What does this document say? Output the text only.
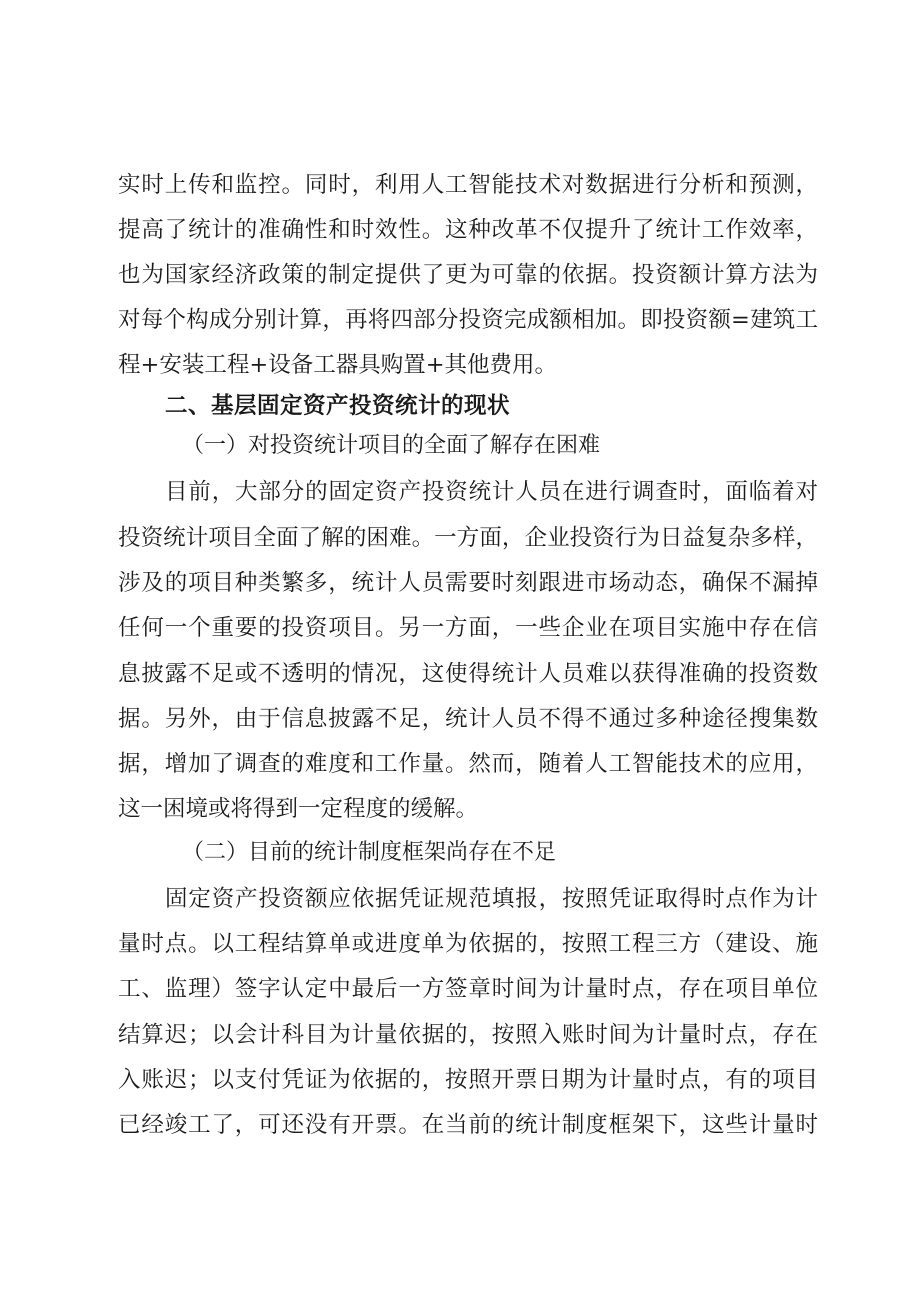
实时上传和监控。同时，利用人工智能技术对数据进行分析和预测，
提高了统计的准确性和时效性。这种改革不仅提升了统计工作效率，
也为国家经济政策的制定提供了更为可靠的依据。投资额计算方法为
对每个构成分别计算，再将四部分投资完成额相加。即投资额=建筑工
程+安装工程+设备工器具购置+其他费用。
二、基层固定资产投资统计的现状
（一）对投资统计项目的全面了解存在困难
目前，大部分的固定资产投资统计人员在进行调查时，面临着对
投资统计项目全面了解的困难。一方面，企业投资行为日益复杂多样，
涉及的项目种类繁多，统计人员需要时刻跟进市场动态，确保不漏掉
任何一个重要的投资项目。另一方面，一些企业在项目实施中存在信
息披露不足或不透明的情况，这使得统计人员难以获得准确的投资数
据。另外，由于信息披露不足，统计人员不得不通过多种途径搜集数
据，增加了调查的难度和工作量。然而，随着人工智能技术的应用，
这一困境或将得到一定程度的缓解。
（二）目前的统计制度框架尚存在不足
固定资产投资额应依据凭证规范填报，按照凭证取得时点作为计
量时点。以工程结算单或进度单为依据的，按照工程三方（建设、施
工、监理）签字认定中最后一方签章时间为计量时点，存在项目单位
结算迟；以会计科目为计量依据的，按照入账时间为计量时点，存在
入账迟；以支付凭证为依据的，按照开票日期为计量时点，有的项目
已经竣工了，可还没有开票。在当前的统计制度框架下，这些计量时
